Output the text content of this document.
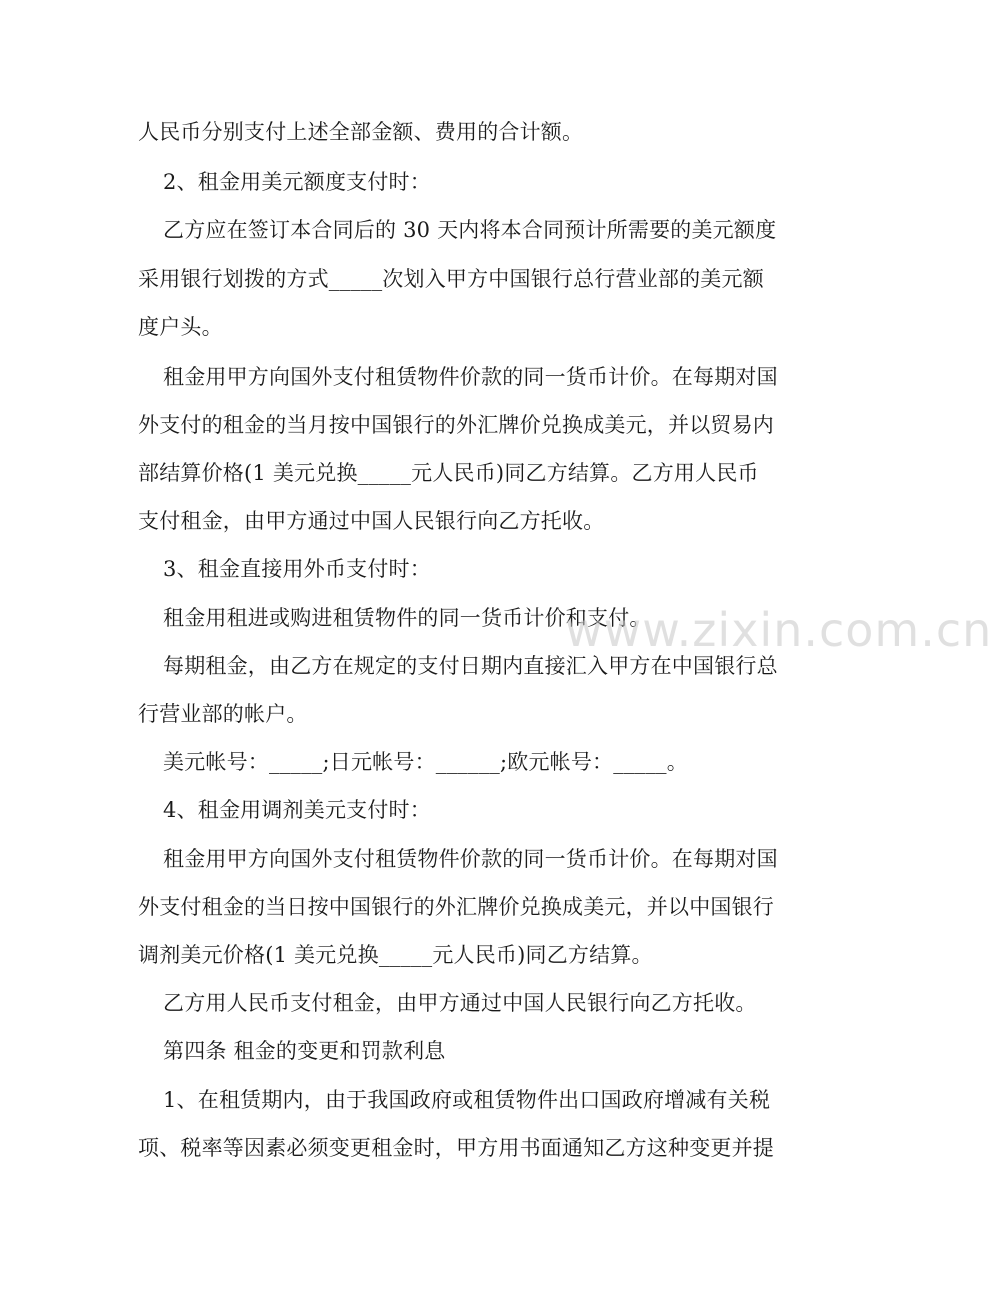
人民币分别支付上述全部金额、费用的合计额。
2、租金用美元额度支付时：
乙方应在签订本合同后的 30 天内将本合同预计所需要的美元额度
采用银行划拨的方式_____次划入甲方中国银行总行营业部的美元额
度户头。
租金用甲方向国外支付租赁物件价款的同一货币计价。在每期对国
外支付的租金的当月按中国银行的外汇牌价兑换成美元，并以贸易内
部结算价格(1 美元兑换_____元人民币)同乙方结算。乙方用人民币
支付租金，由甲方通过中国人民银行向乙方托收。
3、租金直接用外币支付时：
租金用租进或购进租赁物件的同一货币计价和支付。
每期租金，由乙方在规定的支付日期内直接汇入甲方在中国银行总
行营业部的帐户。
美元帐号：_____;日元帐号：______;欧元帐号：_____。
4、租金用调剂美元支付时：
租金用甲方向国外支付租赁物件价款的同一货币计价。在每期对国
外支付租金的当日按中国银行的外汇牌价兑换成美元，并以中国银行
调剂美元价格(1 美元兑换_____元人民币)同乙方结算。
乙方用人民币支付租金，由甲方通过中国人民银行向乙方托收。
第四条 租金的变更和罚款利息
1、在租赁期内，由于我国政府或租赁物件出口国政府增减有关税
项、税率等因素必须变更租金时，甲方用书面通知乙方这种变更并提
www.zixin.com.cn
